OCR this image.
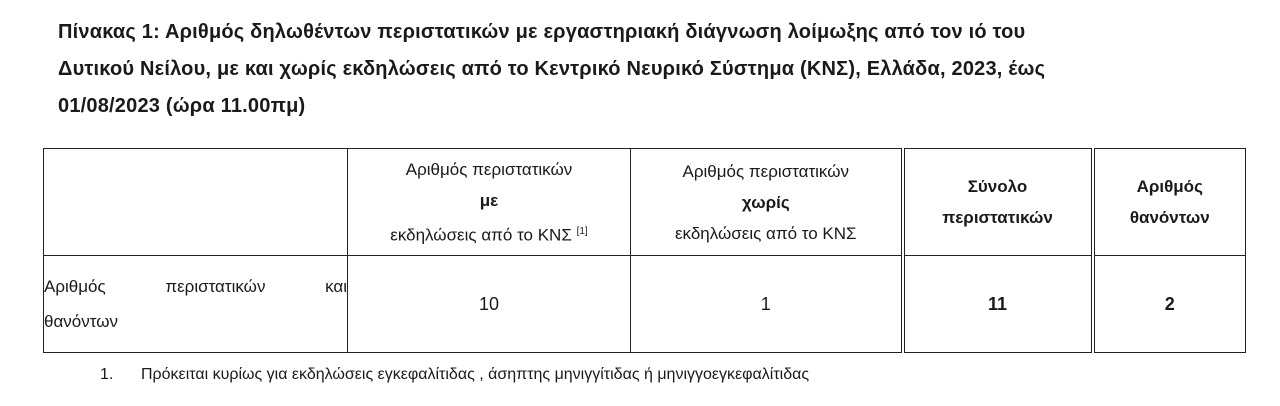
Πίνακας 1: Αριθμός δηλωθέντων περιστατικών με εργαστηριακή διάγνωση λοίμωξης από τον ιό του
Δυτικού Νείλου, με και χωρίς εκδηλώσεις από το Κεντρικό Νευρικό Σύστημα (ΚΝΣ), Ελλάδα, 2023, έως
01/08/2023 (ώρα 11.00πμ)

	Αριθμός περιστατικών
με
εκδηλώσεις από το ΚΝΣ [1]	Αριθμός περιστατικών
χωρίς
εκδηλώσεις από το ΚΝΣ	Σύνολο
περιστατικών	Αριθμός
θανόντων

Αριθμός περιστατικών και
θανόντων	10	1	11	2
1. Πρόκειται κυρίως για εκδηλώσεις εγκεφαλίτιδας , άσηπτης μηνιγγίτιδας ή μηνιγγοεγκεφαλίτιδας
